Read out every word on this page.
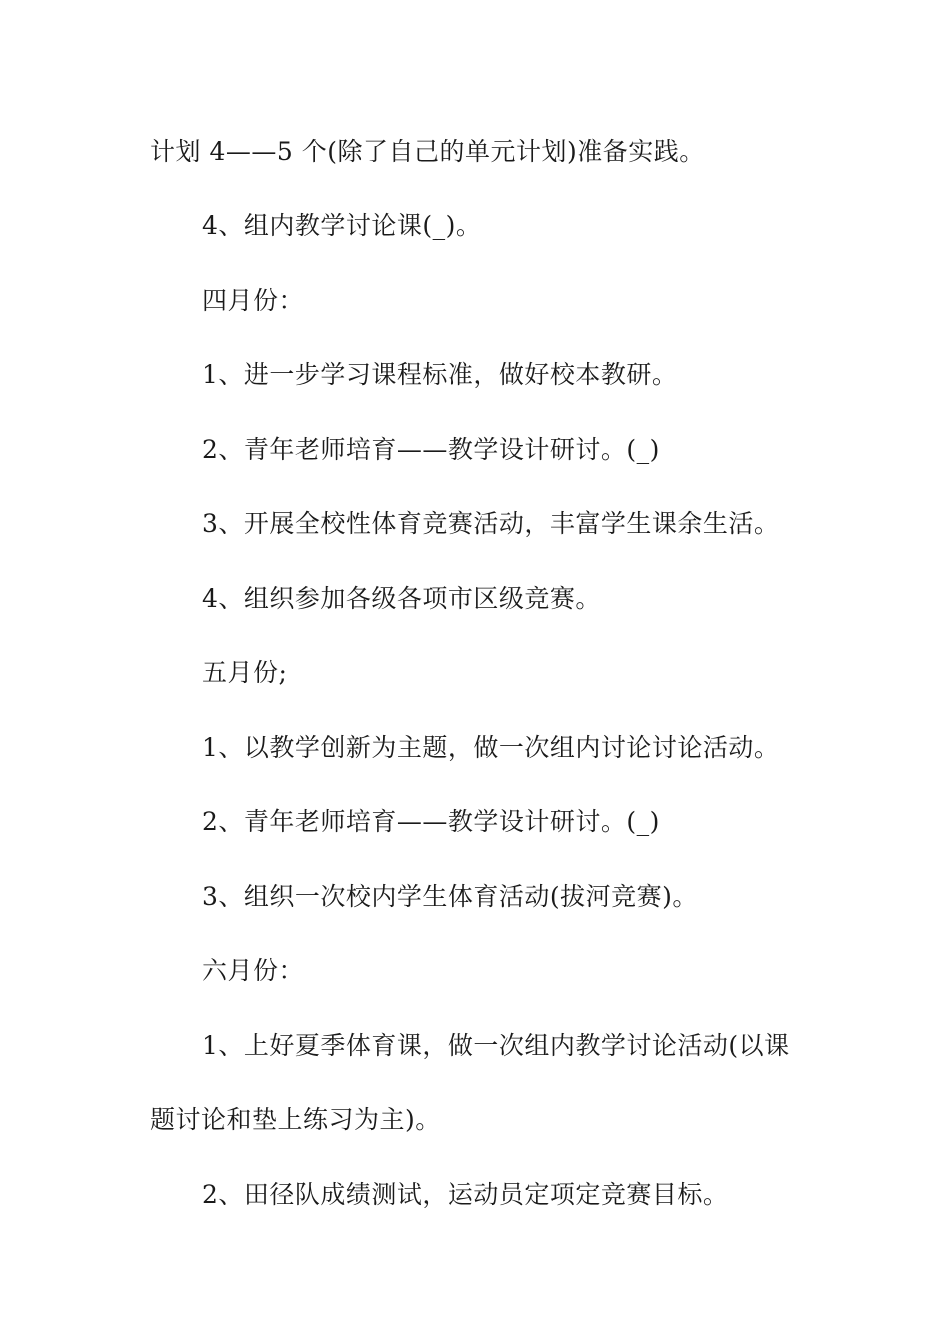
计划 4——5 个(除了自己的单元计划)准备实践。
4、组内教学讨论课(_)。
四月份：
1、进一步学习课程标准，做好校本教研。
2、青年老师培育——教学设计研讨。(_)
3、开展全校性体育竞赛活动，丰富学生课余生活。
4、组织参加各级各项市区级竞赛。
五月份;
1、以教学创新为主题，做一次组内讨论讨论活动。
2、青年老师培育——教学设计研讨。(_)
3、组织一次校内学生体育活动(拔河竞赛)。
六月份：
1、上好夏季体育课，做一次组内教学讨论活动(以课
题讨论和垫上练习为主)。
2、田径队成绩测试，运动员定项定竞赛目标。
